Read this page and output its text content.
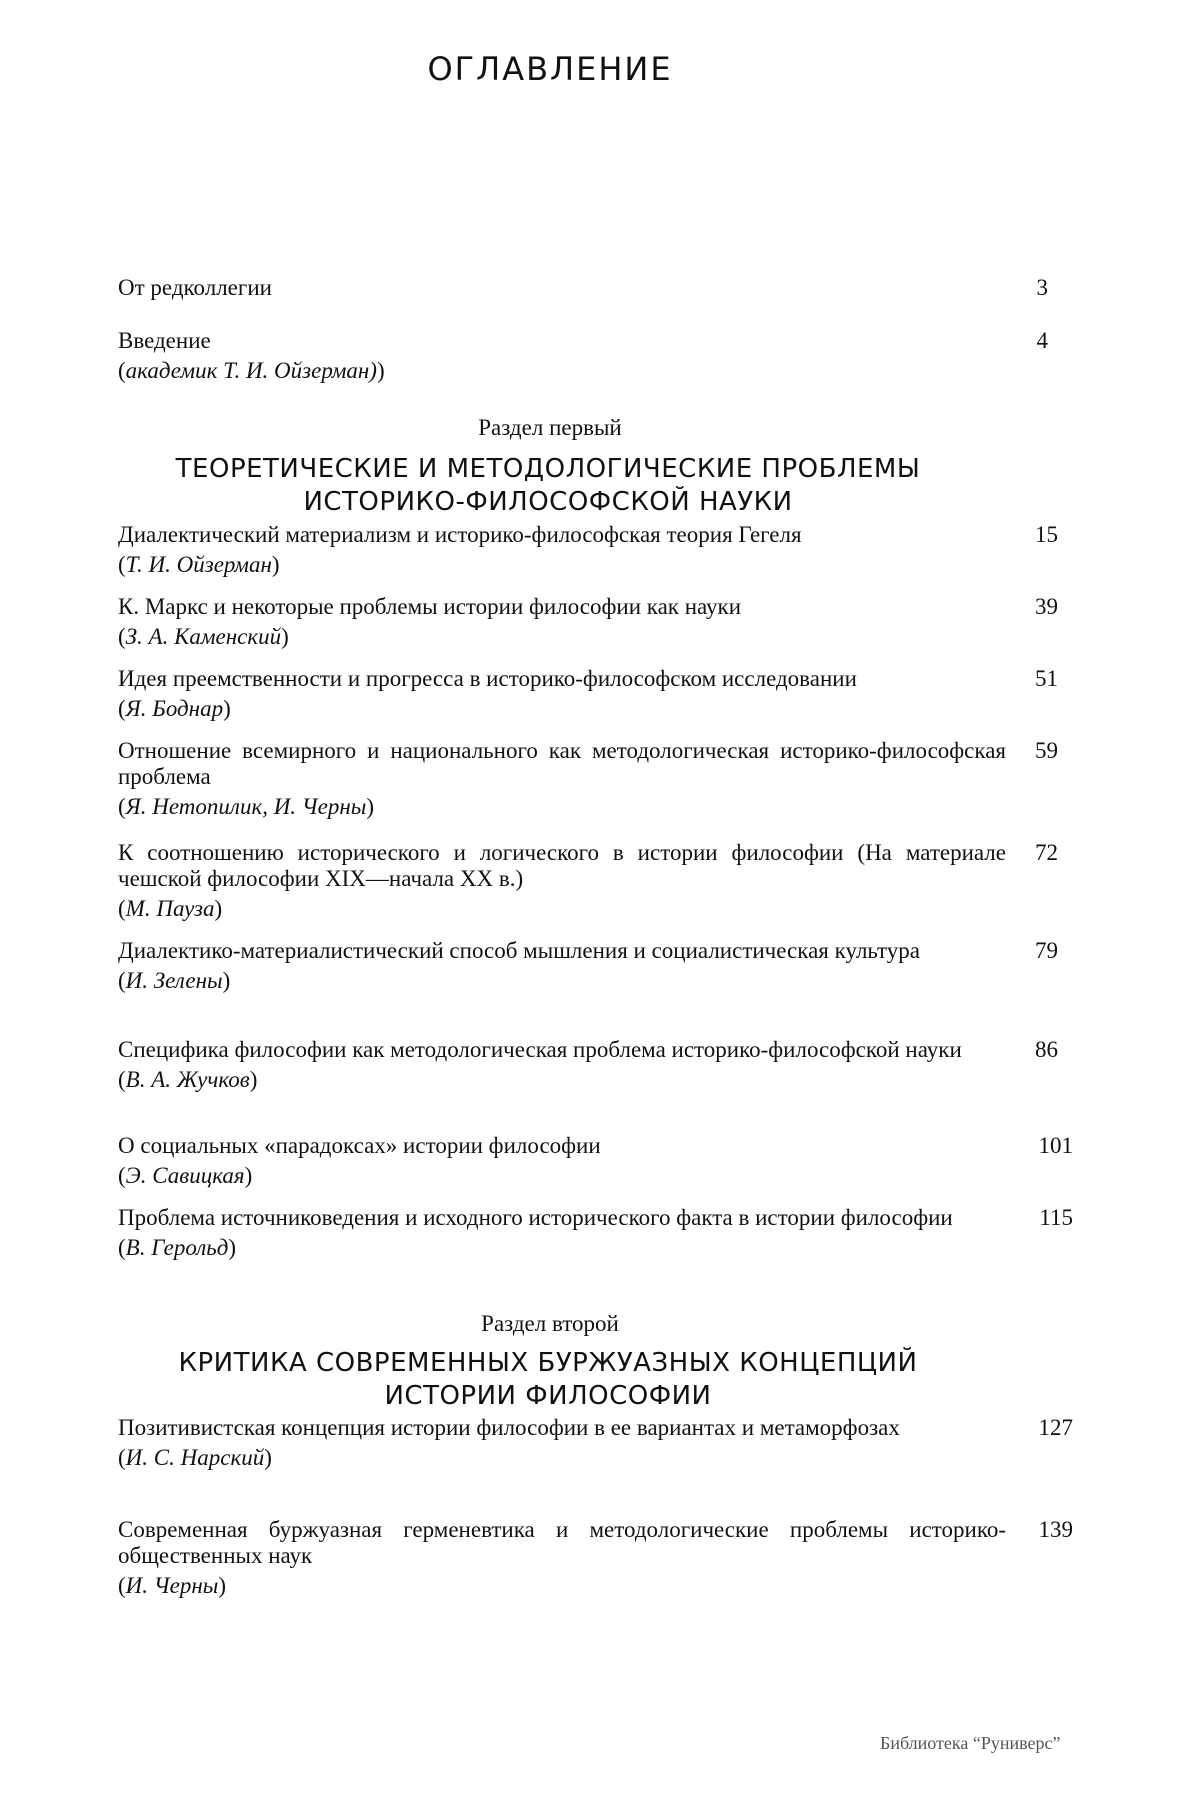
ОГЛАВЛЕНИЕ
От редколлегии	3
Введение
(академик Т. И. Ойзерман))
4
Раздел первый
ТЕОРЕТИЧЕСКИЕ И МЕТОДОЛОГИЧЕСКИЕ ПРОБЛЕМЫ
ИСТОРИКО-ФИЛОСОФСКОЙ НАУКИ
Диалектический материализм и историко-философская теория Гегеля
(Т. И. Ойзерман)
15
К. Маркс и некоторые проблемы истории философии как науки
(З. А. Каменский)
39
Идея преемственности и прогресса в историко-философском исследовании
(Я. Боднар)
51
Отношение всемирного и национального как методологическая историко-философская проблема
(Я. Нетопилик, И. Черны)
59
К соотношению исторического и логического в истории философии (На материале чешской философии XIX—начала XX в.)
(М. Пауза)
72
Диалектико-материалистический способ мышления и социалистическая культура
(И. Зелены)
79
Специфика философии как методологическая проблема историко-философской науки
(В. А. Жучков)
86
О социальных «парадоксах» истории философии
(Э. Савицкая)
101
Проблема источниковедения и исходного исторического факта в истории философии
(В. Герольд)
115
Раздел второй
КРИТИКА СОВРЕМЕННЫХ БУРЖУАЗНЫХ КОНЦЕПЦИЙ
ИСТОРИИ ФИЛОСОФИИ
Позитивистская концепция истории философии в ее вариантах и метаморфозах
(И. С. Нарский)
127
Современная буржуазная герменевтика и методологические проблемы историко-общественных наук
(И. Черны)
139
Библиотека “Руниверс”
